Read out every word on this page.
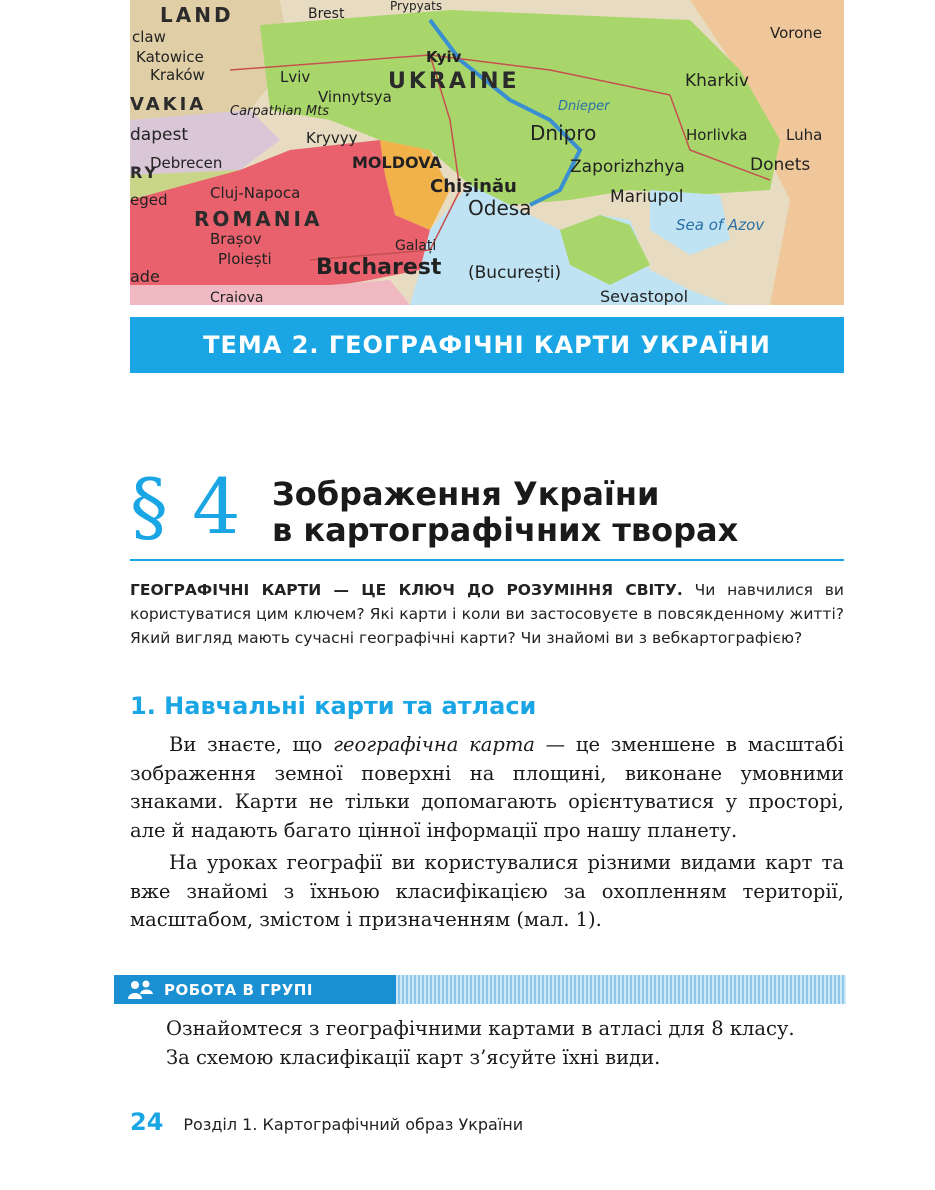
LAND	Brest	Prypyats
Vorone
claw
Katowice
Kraków	Lviv
Kyiv
UKRAINE	Kharkiv
Vinnytsya
Dnieper
VAKIA Carpathian Mts
Dnipro	Horlivka	Luha
dapest	Kryvyy
MOLDOVA	Zaporizhzhya	Donets
Debrecen
Chișinău
Cluj-Napoca	Mariupol
RY
eged	Odesa
ROMANIA	Sea of Azov
Brașov	Galați
Ploiești Bucharest (București)
ade
Craiova	Sevastopol
ТЕМА 2. ГЕОГРАФІЧНІ КАРТИ УКРАЇНИ
§ 4 Зображення України
в картографічних творах
ГЕОГРАФІЧНІ КАРТИ — ЦЕ КЛЮЧ ДО РОЗУМІННЯ СВІТУ. Чи навчилися ви користуватися цим ключем? Які карти і коли ви застосовуєте в повсякденному житті? Який вигляд мають сучасні географічні карти? Чи знайомі ви з вебкартографією?
1. Навчальні карти та атласи

Ви знаєте, що географічна карта — це зменшене в масштабі зображення земної поверхні на площині, виконане умовними знаками. Карти не тільки допомагають орієнтуватися у просторі, але й надають багато цінної інформації про нашу планету.

На уроках географії ви користувалися різними видами карт та вже знайомі з їхньою класифікацією за охопленням території, масштабом, змістом і призначенням (мал. 1).

РОБОТА В ГРУПІ
Ознайомтеся з географічними картами в атласі для 8 класу.
За схемою класифікації карт з’ясуйте їхні види.
24 Розділ 1. Картографічний образ України
